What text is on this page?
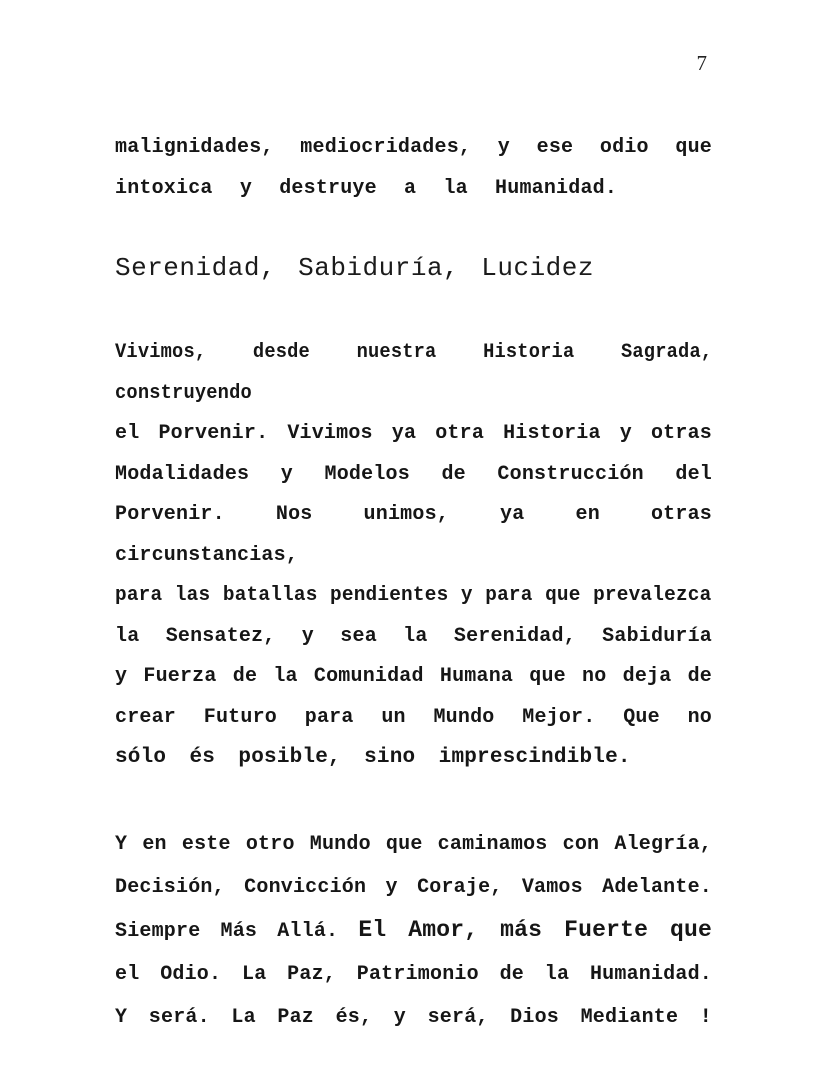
7
malignidades, mediocridades, y ese odio que
intoxica y destruye a la Humanidad.
Serenidad, Sabiduría, Lucidez
Vivimos, desde nuestra Historia Sagrada, construyendo
el Porvenir. Vivimos ya otra Historia y otras
Modalidades y Modelos de Construcción del
Porvenir. Nos unimos, ya en otras circunstancias,
para las batallas pendientes y para que prevalezca
la Sensatez, y sea la Serenidad, Sabiduría
y Fuerza de la Comunidad Humana que no deja de
crear Futuro para un Mundo Mejor. Que no
sólo és posible, sino imprescindible.
Y en este otro Mundo que caminamos con Alegría,
Decisión, Convicción y Coraje, Vamos Adelante.
Siempre Más Allá. El Amor, más Fuerte que
el Odio. La Paz, Patrimonio de la Humanidad.
Y será. La Paz és, y será, Dios Mediante !
